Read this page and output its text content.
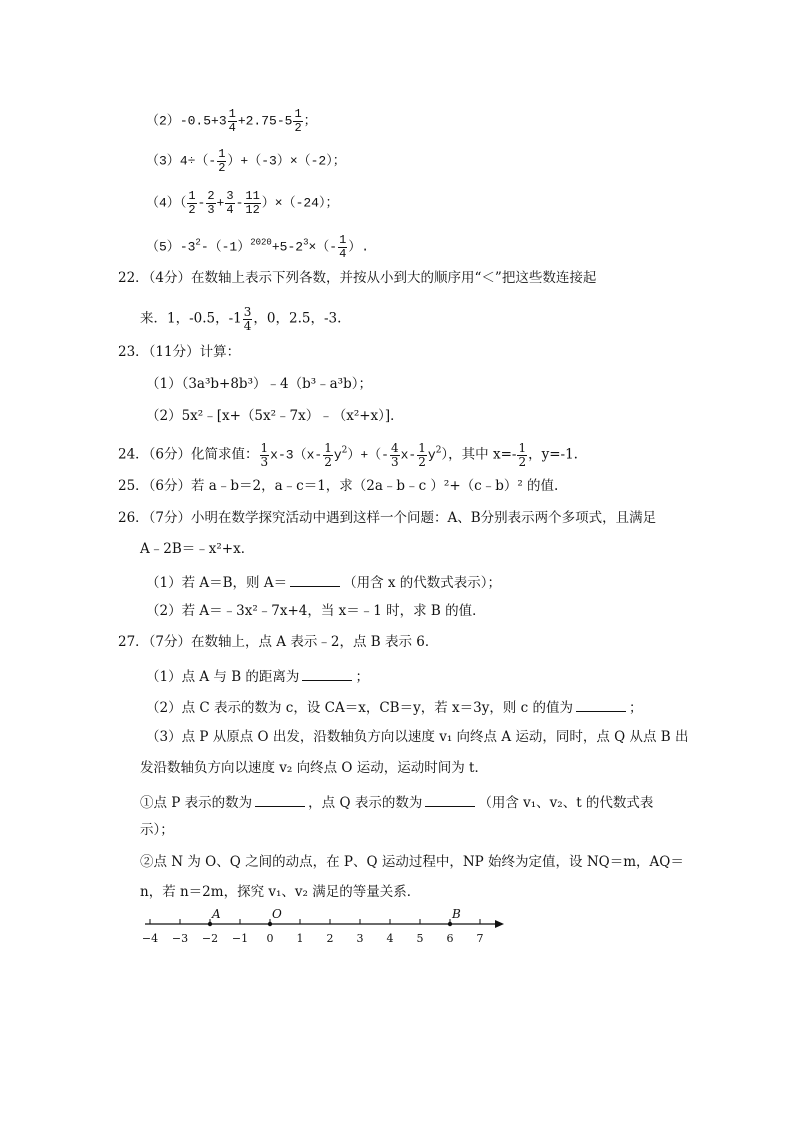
$(2)-0.5+3 \frac{1}{4} +2.75-5 \frac{1}{2}$ ；
$(3)4\div(- \frac{1}{2} )+(-3)\times(-2)$；
$(4)( \frac{1}{2} - \frac{2}{3} + \frac{3}{4} - \frac{11}{12} )\times(-24)$；
$(5)-3^2-(-1)^{2020}+5-2^3\times(- \frac{1}{4}$ ）.
22．（4分）在数轴上表示下列各数，并按从小到大的顺序用“＜”把这些数连接起
来．1，-0.5，$-1 \frac{3}{4}$ ，0，2.5，-3.
23．（11分）计算：
（1）（3a³b+8b³）﹣4（b³﹣a³b）；
（2）5x²﹣[x+（5x²﹣7x）﹣（x²+x）]．
24．（6分）化简求值： $\frac{1}{3} x-3(x- \frac{1}{2} y^2)+(- \frac{4}{3} x- \frac{1}{2} y^2)$，其中 $x=- \frac{1}{2}$ ，y=-1.
25．（6分）若 a﹣b＝2，a﹣c＝1，求（2a﹣b﹣c ）²+（c﹣b）² 的值.
26．（7分）小明在数学探究活动中遇到这样一个问题：A、B分别表示两个多项式，且满足
A﹣2B＝﹣x²+x．
（1）若 A＝B，则 A＝	（用含 x 的代数式表示）；
（2）若 A＝﹣3x²﹣7x+4，当 x＝﹣1 时，求 B 的值．
27．（7分）在数轴上，点 A 表示﹣2，点 B 表示 6．
（1）点 A 与 B 的距离为	；
（2）点 C 表示的数为 c，设 CA＝x，CB＝y，若 x＝3y，则 c 的值为	；
（3）点 P 从原点 O 出发，沿数轴负方向以速度 v₁ 向终点 A 运动，同时，点 Q 从点 B 出
发沿数轴负方向以速度 v₂ 向终点 O 运动，运动时间为 t．
①点 P 表示的数为	，点 Q 表示的数为	（用含 v₁、v₂、t 的代数式表
示）；
②点 N 为 O、Q 之间的动点，在 P、Q 运动过程中，NP 始终为定值，设 NQ＝m，AQ＝
n，若 n＝2m，探究 v₁、v₂ 满足的等量关系．
−4 −3 −2 −1 0 1 2 3 4 5 6 7
A	O	B
